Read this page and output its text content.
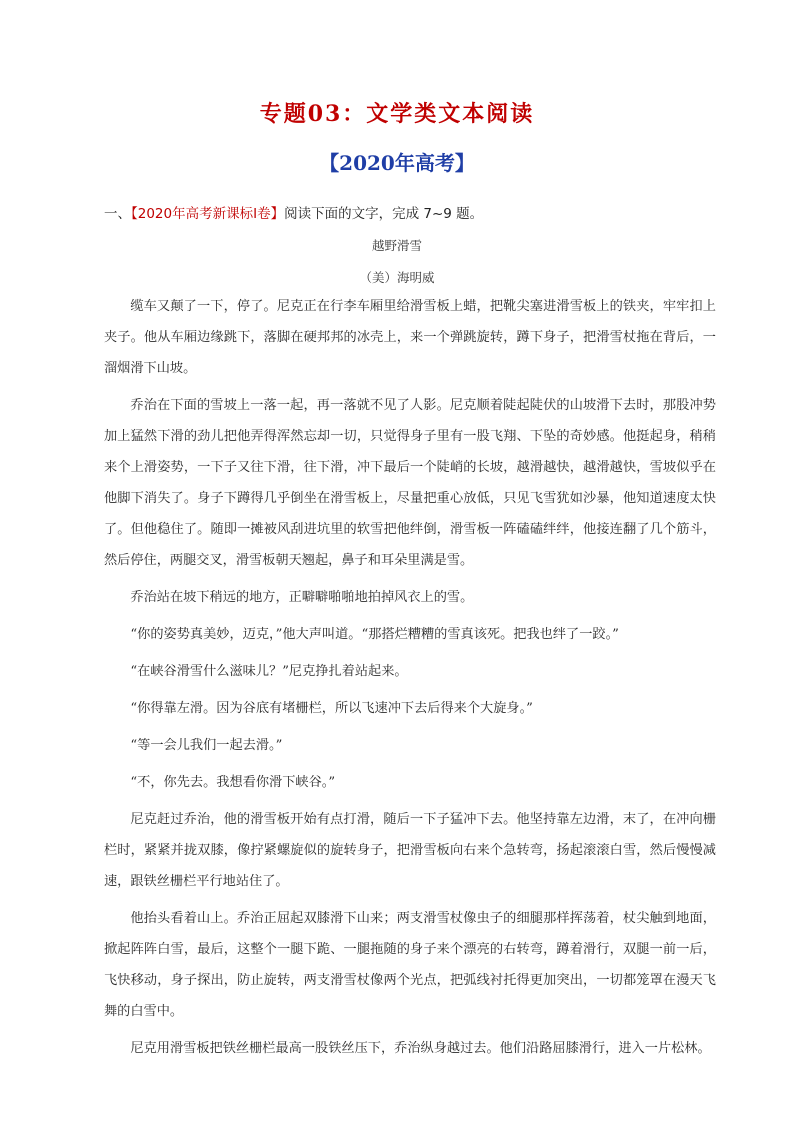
专题03：文学类文本阅读
【2020年高考】
一、【2020年高考新课标Ⅰ卷】阅读下面的文字，完成 7~9 题。
越野滑雪
（美）海明威

缆车又颠了一下，停了。尼克正在行李车厢里给滑雪板上蜡，把靴尖塞进滑雪板上的铁夹，牢牢扣上夹子。他从车厢边缘跳下，落脚在硬邦邦的冰壳上，来一个弹跳旋转，蹲下身子，把滑雪杖拖在背后，一溜烟滑下山坡。

乔治在下面的雪坡上一落一起，再一落就不见了人影。尼克顺着陡起陡伏的山坡滑下去时，那股冲势加上猛然下滑的劲儿把他弄得浑然忘却一切，只觉得身子里有一股飞翔、下坠的奇妙感。他挺起身，稍稍来个上滑姿势，一下子又往下滑，往下滑，冲下最后一个陡峭的长坡，越滑越快，越滑越快，雪坡似乎在他脚下消失了。身子下蹲得几乎倒坐在滑雪板上，尽量把重心放低，只见飞雪犹如沙暴，他知道速度太快了。但他稳住了。随即一摊被风刮进坑里的软雪把他绊倒，滑雪板一阵磕磕绊绊，他接连翻了几个筋斗，然后停住，两腿交叉，滑雪板朝天翘起，鼻子和耳朵里满是雪。

乔治站在坡下稍远的地方，正噼噼啪啪地拍掉风衣上的雪。

“你的姿势真美妙，迈克，”他大声叫道。“那搭烂糟糟的雪真该死。把我也绊了一跤。”

“在峡谷滑雪什么滋味儿？”尼克挣扎着站起来。

“你得靠左滑。因为谷底有堵栅栏，所以飞速冲下去后得来个大旋身。”

“等一会儿我们一起去滑。”

“不，你先去。我想看你滑下峡谷。”

尼克赶过乔治，他的滑雪板开始有点打滑，随后一下子猛冲下去。他坚持靠左边滑，末了，在冲向栅栏时，紧紧并拢双膝，像拧紧螺旋似的旋转身子，把滑雪板向右来个急转弯，扬起滚滚白雪，然后慢慢减速，跟铁丝栅栏平行地站住了。

他抬头看着山上。乔治正屈起双膝滑下山来；两支滑雪杖像虫子的细腿那样挥荡着，杖尖触到地面，掀起阵阵白雪，最后，这整个一腿下跪、一腿拖随的身子来个漂亮的右转弯，蹲着滑行，双腿一前一后，飞快移动，身子探出，防止旋转，两支滑雪杖像两个光点，把弧线衬托得更加突出，一切都笼罩在漫天飞舞的白雪中。

尼克用滑雪板把铁丝栅栏最高一股铁丝压下，乔治纵身越过去。他们沿路屈膝滑行，进入一片松林。
